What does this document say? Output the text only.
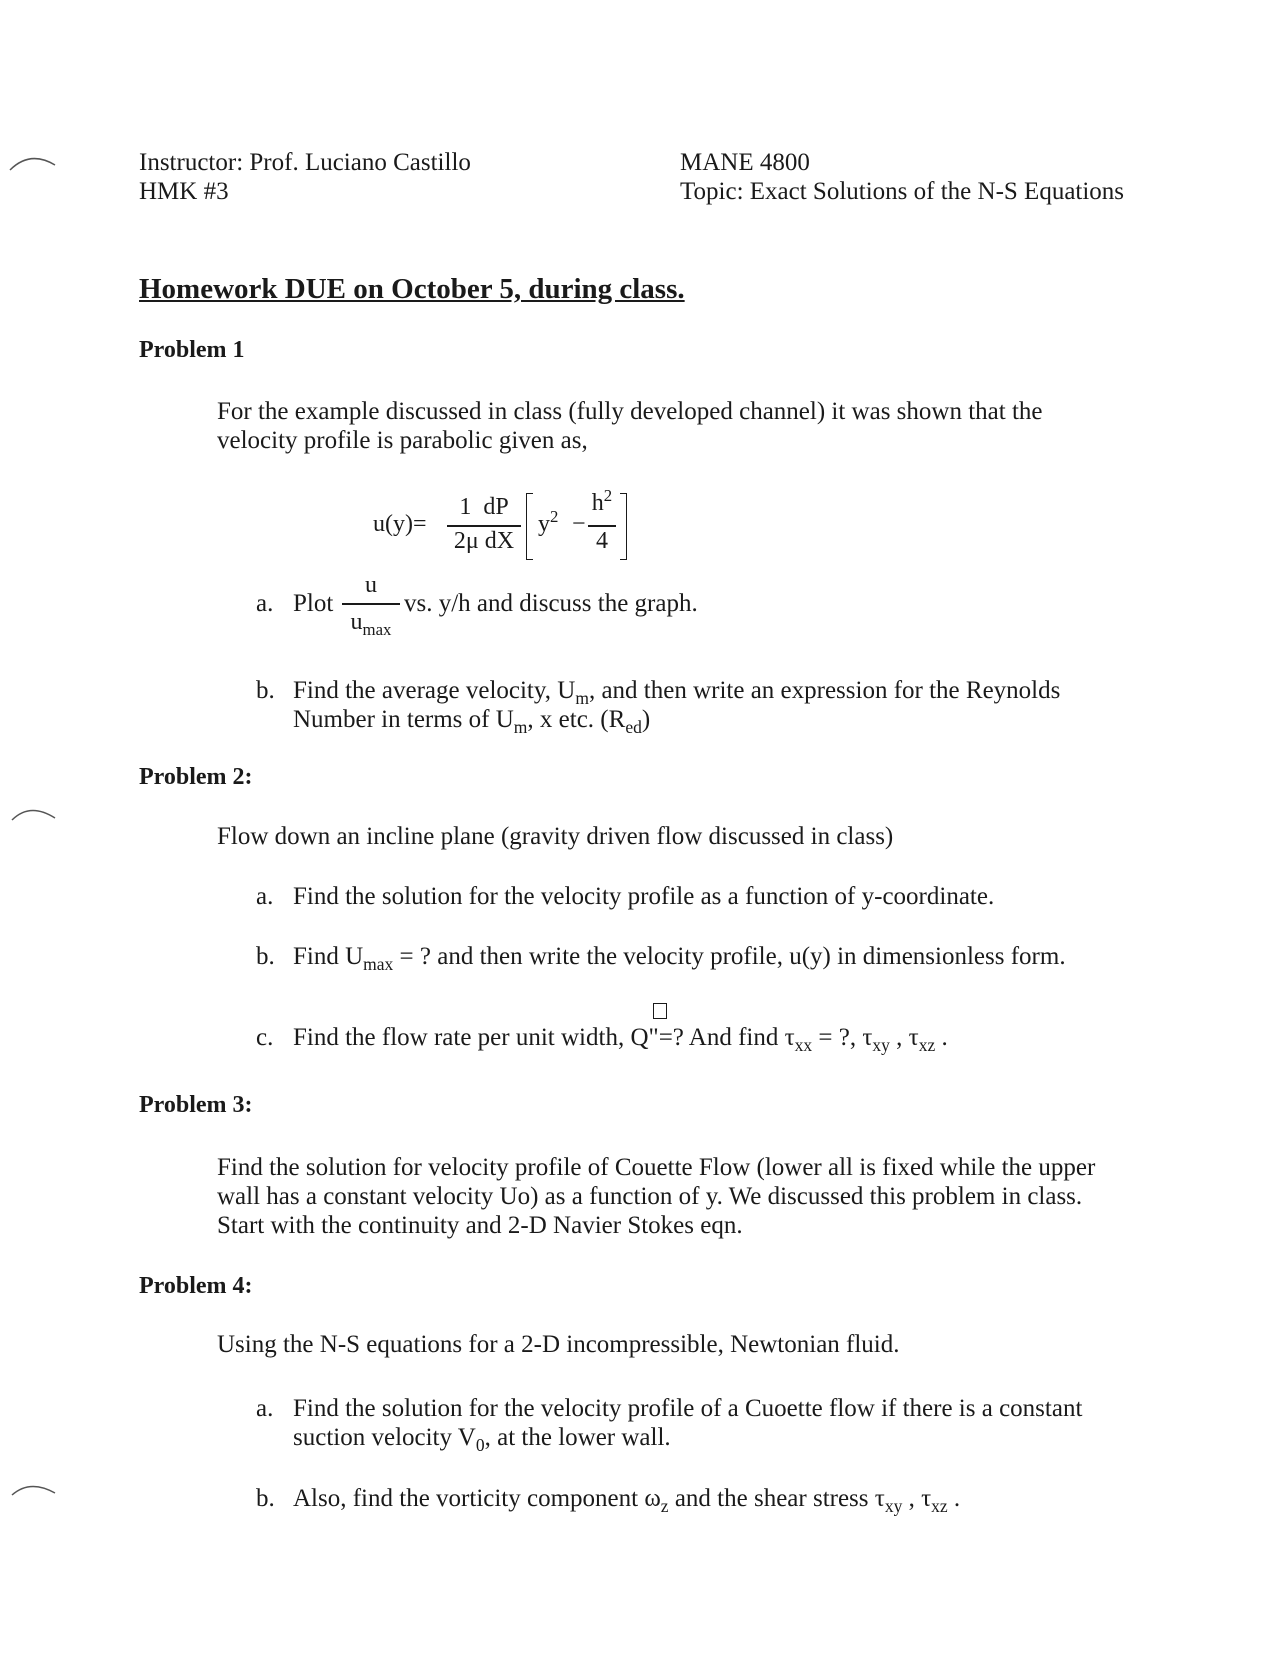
Instructor: Prof. Luciano Castillo
HMK #3
MANE 4800
Topic: Exact Solutions of the N-S Equations
Homework DUE on October 5, during class.
Problem 1
For the example discussed in class (fully developed channel) it was shown that the
velocity profile is parabolic given as,
u(y)=
1  dP
2μ dX
$y^2$ −
$h^2$
4
a. Plot
u
$u_{max}$
vs. y/h and discuss the graph.
b. Find the average velocity, $U_m$, and then write an expression for the Reynolds
Number in terms of $U_m$, x etc. $(R_{ed})$
Problem 2:
Flow down an incline plane (gravity driven flow discussed in class)
a. Find the solution for the velocity profile as a function of y-coordinate.
b. Find $U_{max}$ = ? and then write the velocity profile, u(y) in dimensionless form.
c. Find the flow rate per unit width, Q"=? And find $\tau_{xx}$ = ?, $\tau_{xy}$ , $\tau_{xz}$ .
Problem 3:
Find the solution for velocity profile of Couette Flow (lower all is fixed while the upper
wall has a constant velocity Uo) as a function of y. We discussed this problem in class.
Start with the continuity and 2-D Navier Stokes eqn.
Problem 4:
Using the N-S equations for a 2-D incompressible, Newtonian fluid.
a. Find the solution for the velocity profile of a Cuoette flow if there is a constant
suction velocity $V_0$, at the lower wall.
b. Also, find the vorticity component $\omega_z$ and the shear stress $\tau_{xy}$ , $\tau_{xz}$ .
